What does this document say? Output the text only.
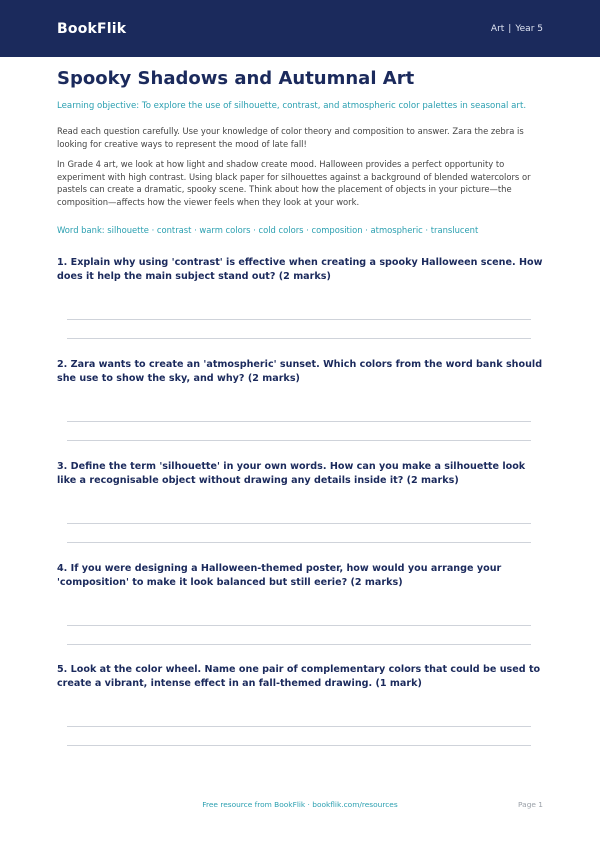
BookFlik	Art | Year 5
Spooky Shadows and Autumnal Art

Learning objective: To explore the use of silhouette, contrast, and atmospheric color palettes in seasonal art.

Read each question carefully. Use your knowledge of color theory and composition to answer. Zara the zebra is looking for creative ways to represent the mood of late fall!

In Grade 4 art, we look at how light and shadow create mood. Halloween provides a perfect opportunity to experiment with high contrast. Using black paper for silhouettes against a background of blended watercolors or pastels can create a dramatic, spooky scene. Think about how the placement of objects in your picture—the composition—affects how the viewer feels when they look at your work.

Word bank: silhouette · contrast · warm colors · cold colors · composition · atmospheric · translucent

1. Explain why using 'contrast' is effective when creating a spooky Halloween scene. How does it help the main subject stand out? (2 marks)

2. Zara wants to create an 'atmospheric' sunset. Which colors from the word bank should she use to show the sky, and why? (2 marks)

3. Define the term 'silhouette' in your own words. How can you make a silhouette look like a recognisable object without drawing any details inside it? (2 marks)

4. If you were designing a Halloween-themed poster, how would you arrange your 'composition' to make it look balanced but still eerie? (2 marks)

5. Look at the color wheel. Name one pair of complementary colors that could be used to create a vibrant, intense effect in an fall-themed drawing. (1 mark)

Free resource from BookFlik · bookflik.com/resources	Page 1
